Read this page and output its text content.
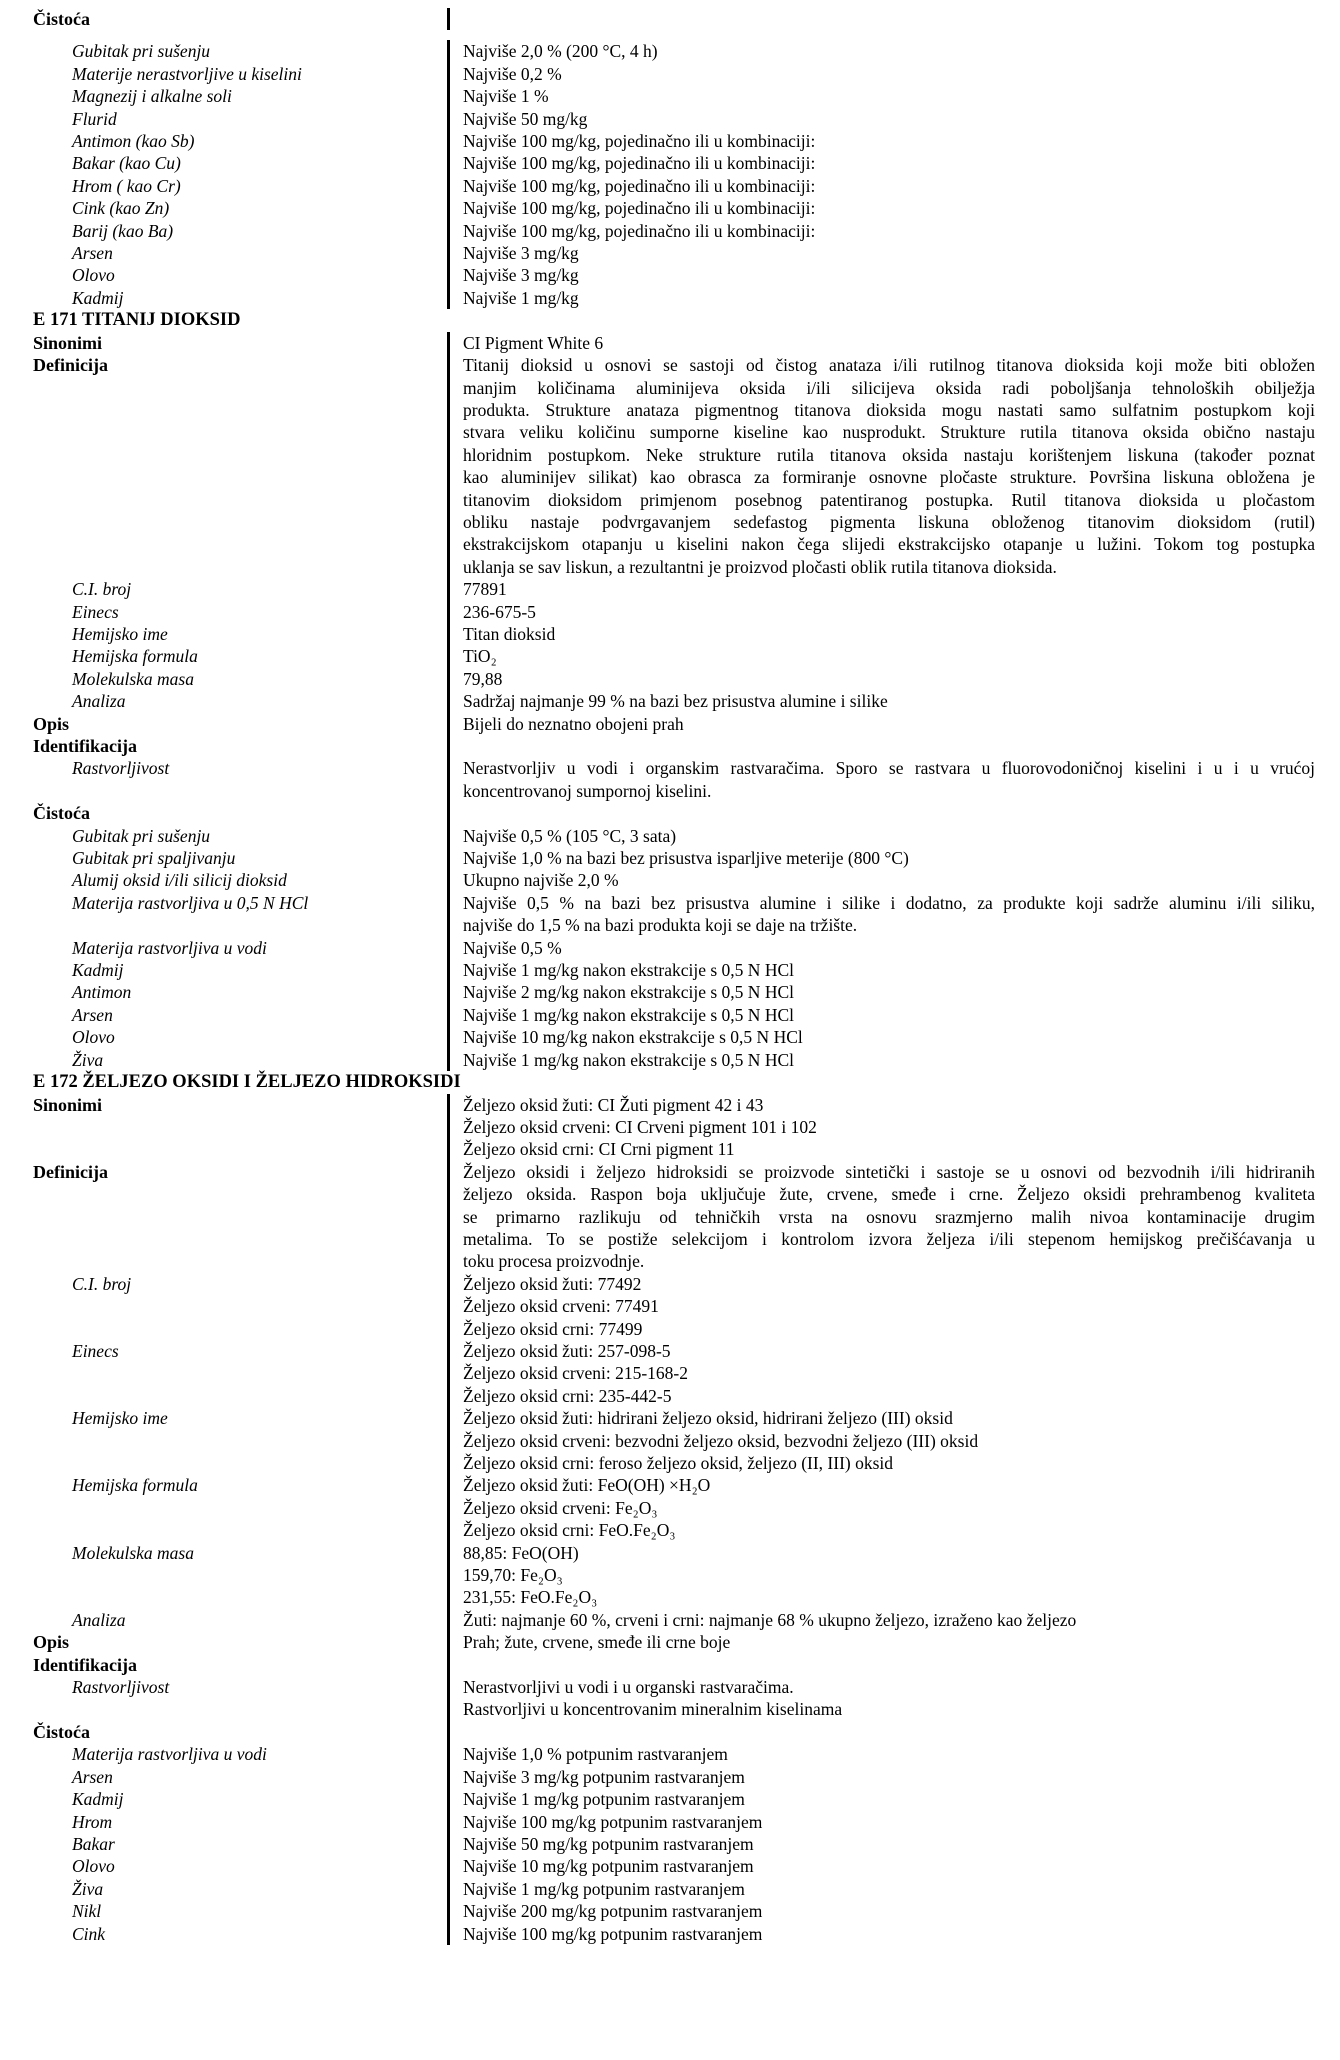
Čistoća
Gubitak pri sušenju	Najviše 2,0 % (200 °C, 4 h)
Materije nerastvorljive u kiselini	Najviše 0,2 %
Magnezij i alkalne soli	Najviše 1 %
Flurid	Najviše 50 mg/kg
Antimon (kao Sb)	Najviše 100 mg/kg, pojedinačno ili u kombinaciji:
Bakar (kao Cu)	Najviše 100 mg/kg, pojedinačno ili u kombinaciji:
Hrom ( kao Cr)	Najviše 100 mg/kg, pojedinačno ili u kombinaciji:
Cink (kao Zn)	Najviše 100 mg/kg, pojedinačno ili u kombinaciji:
Barij (kao Ba)	Najviše 100 mg/kg, pojedinačno ili u kombinaciji:
Arsen	Najviše 3 mg/kg
Olovo	Najviše 3 mg/kg
Kadmij	Najviše 1 mg/kg
E 171 TITANIJ DIOKSID
Sinonimi	CI Pigment White 6
Definicija	Titanij dioksid u osnovi se sastoji od čistog anataza i/ili rutilnog titanova dioksida koji može biti obložen
manjim količinama aluminijeva oksida i/ili silicijeva oksida radi poboljšanja tehnoloških obilježja
produkta. Strukture anataza pigmentnog titanova dioksida mogu nastati samo sulfatnim postupkom koji
stvara veliku količinu sumporne kiseline kao nusprodukt. Strukture rutila titanova oksida obično nastaju
hloridnim postupkom. Neke strukture rutila titanova oksida nastaju korištenjem liskuna (također poznat
kao aluminijev silikat) kao obrasca za formiranje osnovne pločaste strukture. Površina liskuna obložena je
titanovim dioksidom primjenom posebnog patentiranog postupka. Rutil titanova dioksida u pločastom
obliku nastaje podvrgavanjem sedefastog pigmenta liskuna obloženog titanovim dioksidom (rutil)
ekstrakcijskom otapanju u kiselini nakon čega slijedi ekstrakcijsko otapanje u lužini. Tokom tog postupka
uklanja se sav liskun, a rezultantni je proizvod pločasti oblik rutila titanova dioksida.
C.I. broj	77891
Einecs	236-675-5
Hemijsko ime	Titan dioksid
Hemijska formula	TiO₂
Molekulska masa	79,88
Analiza	Sadržaj najmanje 99 % na bazi bez prisustva alumine i silike
Opis	Bijeli do neznatno obojeni prah
Identifikacija
Rastvorljivost	Nerastvorljiv u vodi i organskim rastvaračima. Sporo se rastvara u fluorovodoničnoj kiselini i u i u vrućoj
koncentrovanoj sumpornoj kiselini.
Čistoća
Gubitak pri sušenju	Najviše 0,5 % (105 °C, 3 sata)
Gubitak pri spaljivanju	Najviše 1,0 % na bazi bez prisustva isparljive meterije (800 °C)
Alumij oksid i/ili silicij dioksid	Ukupno najviše 2,0 %
Materija rastvorljiva u 0,5 N HCl	Najviše 0,5 % na bazi bez prisustva alumine i silike i dodatno, za produkte koji sadrže aluminu i/ili siliku,
najviše do 1,5 % na bazi produkta koji se daje na tržište.
Materija rastvorljiva u vodi	Najviše 0,5 %
Kadmij	Najviše 1 mg/kg nakon ekstrakcije s 0,5 N HCl
Antimon	Najviše 2 mg/kg nakon ekstrakcije s 0,5 N HCl
Arsen	Najviše 1 mg/kg nakon ekstrakcije s 0,5 N HCl
Olovo	Najviše 10 mg/kg nakon ekstrakcije s 0,5 N HCl
Živa	Najviše 1 mg/kg nakon ekstrakcije s 0,5 N HCl
E 172 ŽELJEZO OKSIDI I ŽELJEZO HIDROKSIDI
Sinonimi	Željezo oksid žuti: CI Žuti pigment 42 i 43
Željezo oksid crveni: CI Crveni pigment 101 i 102
Željezo oksid crni: CI Crni pigment 11
Definicija	Željezo oksidi i željezo hidroksidi se proizvode sintetički i sastoje se u osnovi od bezvodnih i/ili hidriranih
željezo oksida. Raspon boja uključuje žute, crvene, smeđe i crne. Željezo oksidi prehrambenog kvaliteta
se primarno razlikuju od tehničkih vrsta na osnovu srazmjerno malih nivoa kontaminacije drugim
metalima. To se postiže selekcijom i kontrolom izvora željeza i/ili stepenom hemijskog prečišćavanja u
toku procesa proizvodnje.
C.I. broj	Željezo oksid žuti: 77492
Željezo oksid crveni: 77491
Željezo oksid crni: 77499
Einecs	Željezo oksid žuti: 257-098-5
Željezo oksid crveni: 215-168-2
Željezo oksid crni: 235-442-5
Hemijsko ime	Željezo oksid žuti: hidrirani željezo oksid, hidrirani željezo (III) oksid
Željezo oksid crveni: bezvodni željezo oksid, bezvodni željezo (III) oksid
Željezo oksid crni: feroso željezo oksid, željezo (II, III) oksid
Hemijska formula	Željezo oksid žuti: FeO(OH) ×H₂O
Željezo oksid crveni: Fe₂O₃
Željezo oksid crni: FeO.Fe₂O₃
Molekulska masa	88,85: FeO(OH)
159,70: Fe₂O₃
231,55: FeO.Fe₂O₃
Analiza	Žuti: najmanje 60 %, crveni i crni: najmanje 68 % ukupno željezo, izraženo kao željezo
Opis	Prah; žute, crvene, smeđe ili crne boje
Identifikacija
Rastvorljivost	Nerastvorljivi u vodi i u organski rastvaračima.
Rastvorljivi u koncentrovanim mineralnim kiselinama
Čistoća
Materija rastvorljiva u vodi	Najviše 1,0 % potpunim rastvaranjem
Arsen	Najviše 3 mg/kg potpunim rastvaranjem
Kadmij	Najviše 1 mg/kg potpunim rastvaranjem
Hrom	Najviše 100 mg/kg potpunim rastvaranjem
Bakar	Najviše 50 mg/kg potpunim rastvaranjem
Olovo	Najviše 10 mg/kg potpunim rastvaranjem
Živa	Najviše 1 mg/kg potpunim rastvaranjem
Nikl	Najviše 200 mg/kg potpunim rastvaranjem
Cink	Najviše 100 mg/kg potpunim rastvaranjem
